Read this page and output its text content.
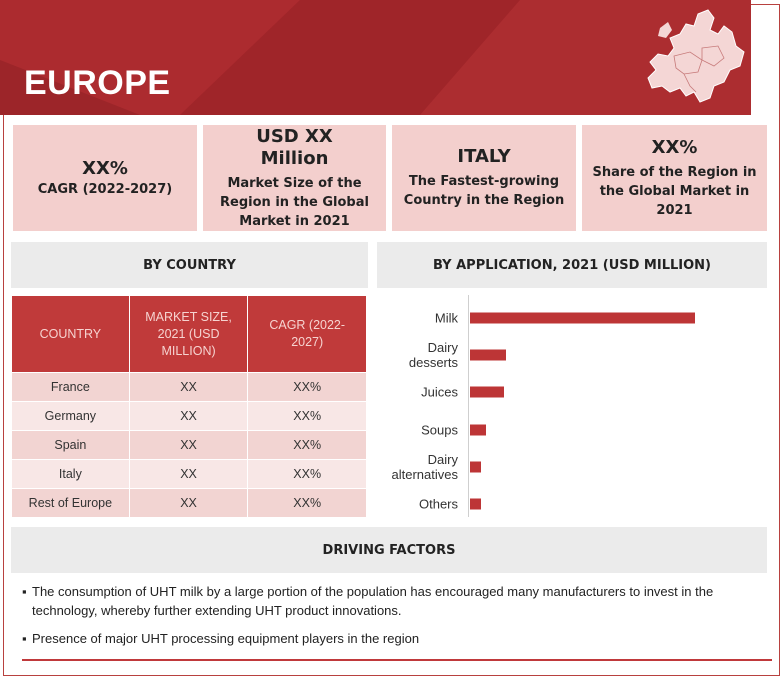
EUROPE
XX%
CAGR (2022-2027)
USD XX Million
Market Size of the Region in the Global Market in 2021
ITALY
The Fastest-growing Country in the Region
XX%
Share of the Region in the Global Market in 2021
BY COUNTRY	BY APPLICATION, 2021 (USD MILLION)
COUNTRY	MARKET SIZE, 2021 (USD MILLION)	CAGR (2022-2027)
France	XX	XX%
Germany	XX	XX%
Spain	XX	XX%
Italy	XX	XX%
Rest of Europe	XX	XX%
Milk
Dairy desserts
Juices
Soups
Dairy alternatives
Others
DRIVING FACTORS
▪ The consumption of UHT milk by a large portion of the population has encouraged many manufacturers to invest in the technology, whereby further extending UHT product innovations.
▪ Presence of major UHT processing equipment players in the region
